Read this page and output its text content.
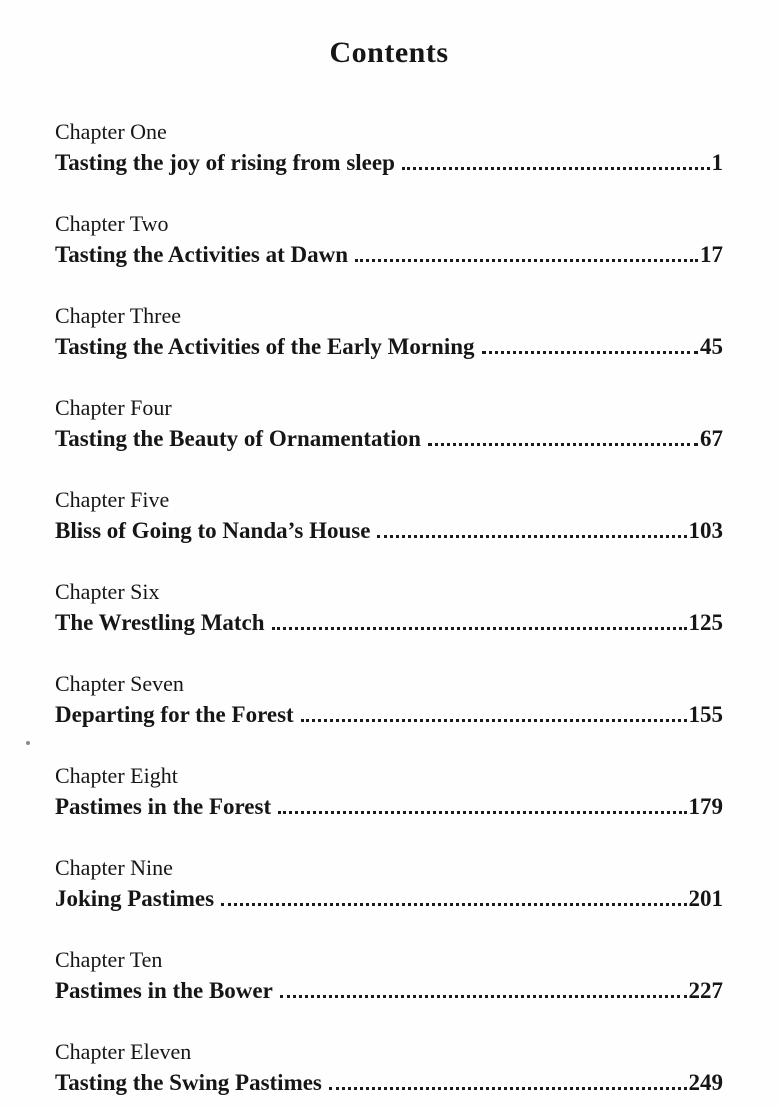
Contents
Chapter One
Tasting the joy of rising from sleep	1
Chapter Two
Tasting the Activities at Dawn	17
Chapter Three
Tasting the Activities of the Early Morning	45
Chapter Four
Tasting the Beauty of Ornamentation	67
Chapter Five
Bliss of Going to Nanda’s House	103
Chapter Six
The Wrestling Match	125
Chapter Seven
Departing for the Forest	155
Chapter Eight
Pastimes in the Forest	179
Chapter Nine
Joking Pastimes	201
Chapter Ten
Pastimes in the Bower	227
Chapter Eleven
Tasting the Swing Pastimes	249
